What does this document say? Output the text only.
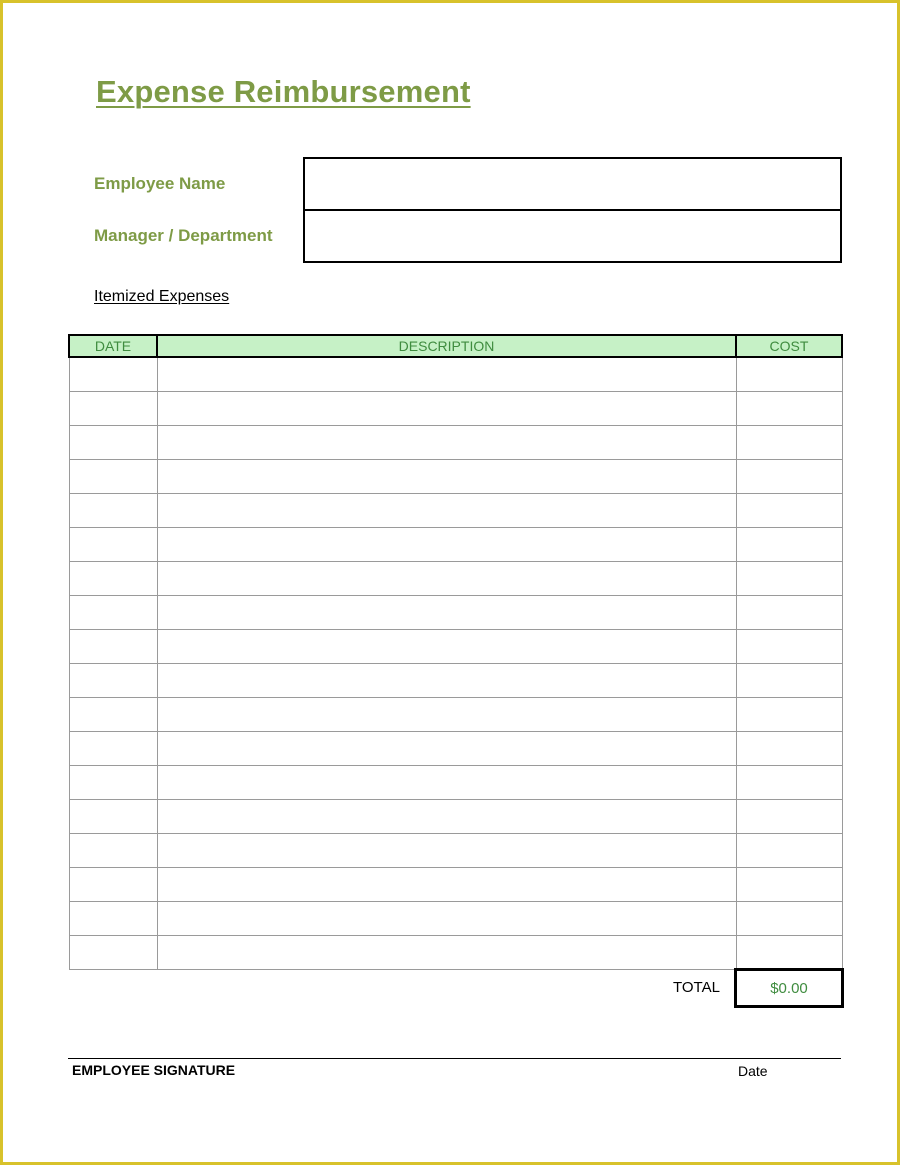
Expense Reimbursement
Employee Name
Manager / Department
Itemized Expenses
DATE	DESCRIPTION	COST

TOTAL	$0.00
EMPLOYEE SIGNATURE	Date
